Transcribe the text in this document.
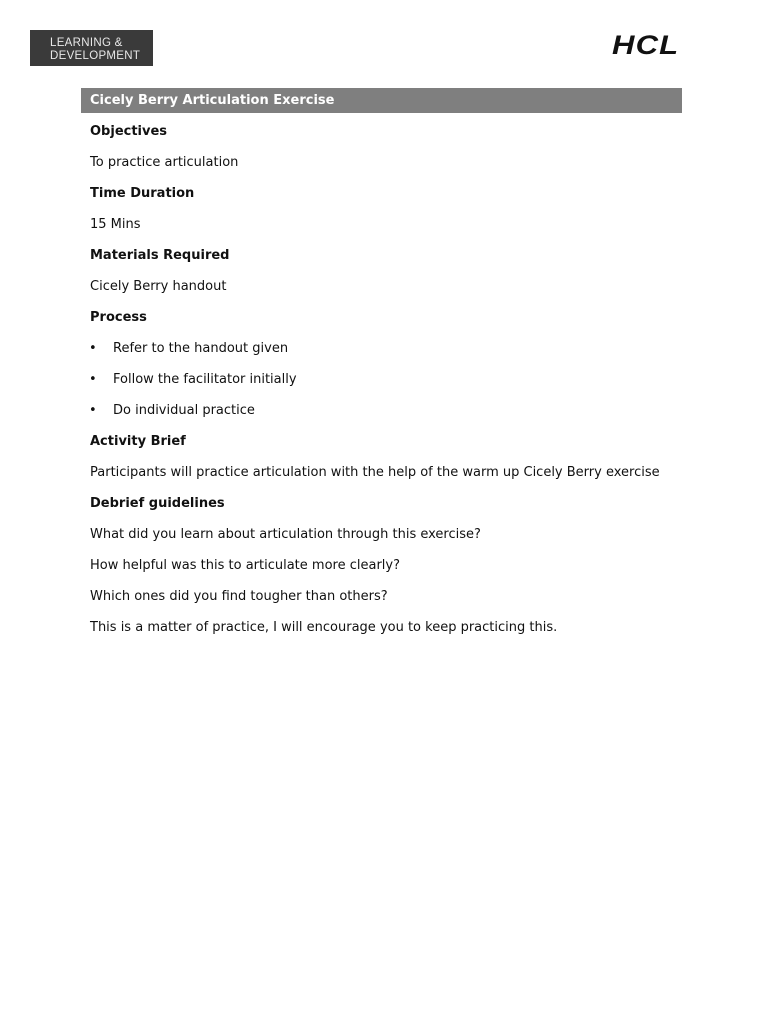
LEARNING &
DEVELOPMENT	HCL
Cicely Berry Articulation Exercise
Objectives
To practice articulation
Time Duration
15 Mins
Materials Required
Cicely Berry handout
Process
• Refer to the handout given
• Follow the facilitator initially
• Do individual practice
Activity Brief
Participants will practice articulation with the help of the warm up Cicely Berry exercise
Debrief guidelines
What did you learn about articulation through this exercise?
How helpful was this to articulate more clearly?
Which ones did you find tougher than others?
This is a matter of practice, I will encourage you to keep practicing this.
